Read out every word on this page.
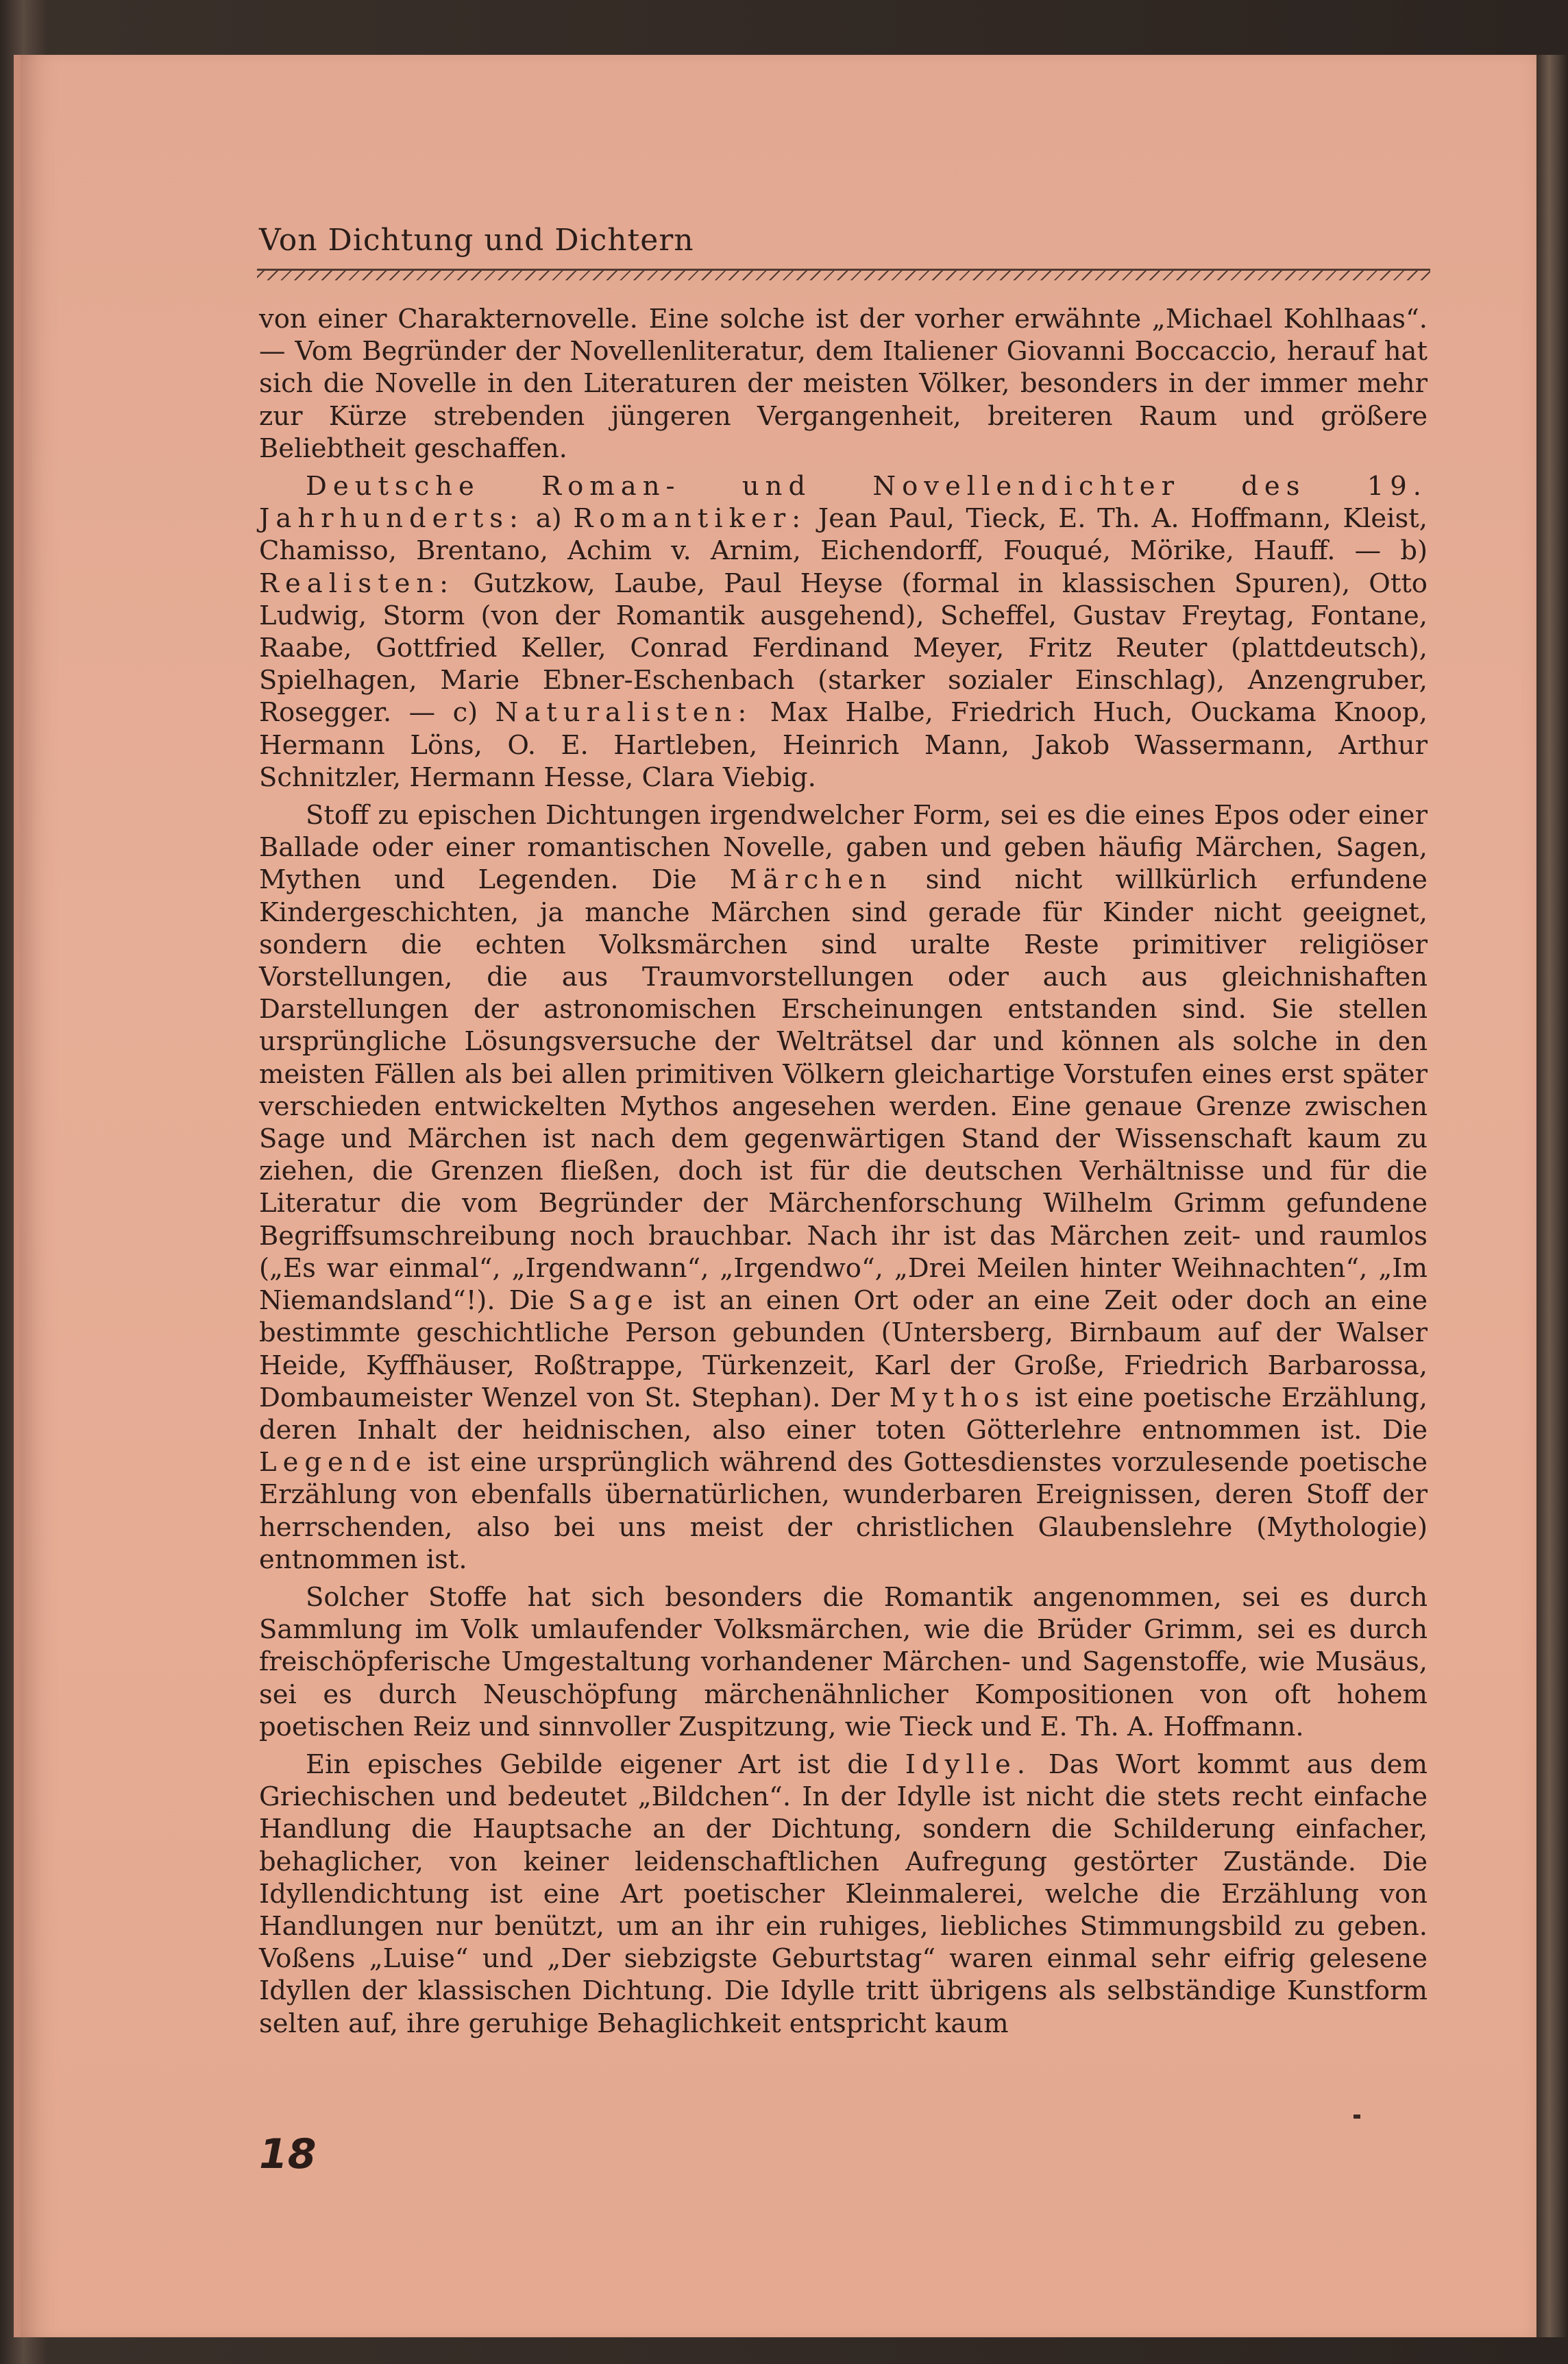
Von Dichtung und Dichtern

von einer Charakternovelle. Eine solche ist der vorher erwähnte „Michael Kohlhaas“. — Vom Begründer der Novellenliteratur, dem Italiener Giovanni Boccaccio, herauf hat sich die Novelle in den Literaturen der meisten Völker, besonders in der immer mehr zur Kürze strebenden jüngeren Vergangenheit, breiteren Raum und größere Beliebtheit geschaffen.

Deutsche Roman- und Novellendichter des 19. Jahrhunderts: a) Romantiker: Jean Paul, Tieck, E. Th. A. Hoffmann, Kleist, Chamisso, Brentano, Achim v. Arnim, Eichendorff, Fouqué, Mörike, Hauff. — b) Realisten: Gutzkow, Laube, Paul Heyse (formal in klassischen Spuren), Otto Ludwig, Storm (von der Romantik ausgehend), Scheffel, Gustav Freytag, Fontane, Raabe, Gottfried Keller, Conrad Ferdinand Meyer, Fritz Reuter (plattdeutsch), Spielhagen, Marie Ebner-Eschenbach (starker sozialer Einschlag), Anzengruber, Rosegger. — c) Naturalisten: Max Halbe, Friedrich Huch, Ouckama Knoop, Hermann Löns, O. E. Hartleben, Heinrich Mann, Jakob Wassermann, Arthur Schnitzler, Hermann Hesse, Clara Viebig.

Stoff zu epischen Dichtungen irgendwelcher Form, sei es die eines Epos oder einer Ballade oder einer romantischen Novelle, gaben und geben häufig Märchen, Sagen, Mythen und Legenden. Die Märchen sind nicht willkürlich erfundene Kindergeschichten, ja manche Märchen sind gerade für Kinder nicht geeignet, sondern die echten Volksmärchen sind uralte Reste primitiver religiöser Vorstellungen, die aus Traumvorstellungen oder auch aus gleichnishaften Darstellungen der astronomischen Erscheinungen entstanden sind. Sie stellen ursprüngliche Lösungsversuche der Welträtsel dar und können als solche in den meisten Fällen als bei allen primitiven Völkern gleichartige Vorstufen eines erst später verschieden entwickelten Mythos angesehen werden. Eine genaue Grenze zwischen Sage und Märchen ist nach dem gegenwärtigen Stand der Wissenschaft kaum zu ziehen, die Grenzen fließen, doch ist für die deutschen Verhältnisse und für die Literatur die vom Begründer der Märchenforschung Wilhelm Grimm gefundene Begriffsumschreibung noch brauchbar. Nach ihr ist das Märchen zeit- und raumlos („Es war einmal“, „Irgendwann“, „Irgendwo“, „Drei Meilen hinter Weihnachten“, „Im Niemandsland“!). Die Sage ist an einen Ort oder an eine Zeit oder doch an eine bestimmte geschichtliche Person gebunden (Untersberg, Birnbaum auf der Walser Heide, Kyffhäuser, Roßtrappe, Türkenzeit, Karl der Große, Friedrich Barbarossa, Dombaumeister Wenzel von St. Stephan). Der Mythos ist eine poetische Erzählung, deren Inhalt der heidnischen, also einer toten Götterlehre entnommen ist. Die Legende ist eine ursprünglich während des Gottesdienstes vorzulesende poetische Erzählung von ebenfalls übernatürlichen, wunderbaren Ereignissen, deren Stoff der herrschenden, also bei uns meist der christlichen Glaubenslehre (Mythologie) entnommen ist.

Solcher Stoffe hat sich besonders die Romantik angenommen, sei es durch Sammlung im Volk umlaufender Volksmärchen, wie die Brüder Grimm, sei es durch freischöpferische Umgestaltung vorhandener Märchen- und Sagenstoffe, wie Musäus, sei es durch Neuschöpfung märchenähnlicher Kompositionen von oft hohem poetischen Reiz und sinnvoller Zuspitzung, wie Tieck und E. Th. A. Hoffmann.

Ein episches Gebilde eigener Art ist die Idylle. Das Wort kommt aus dem Griechischen und bedeutet „Bildchen“. In der Idylle ist nicht die stets recht einfache Handlung die Hauptsache an der Dichtung, sondern die Schilderung einfacher, behaglicher, von keiner leidenschaftlichen Aufregung gestörter Zustände. Die Idyllendichtung ist eine Art poetischer Kleinmalerei, welche die Erzählung von Handlungen nur benützt, um an ihr ein ruhiges, liebliches Stimmungsbild zu geben. Voßens „Luise“ und „Der siebzigste Geburtstag“ waren einmal sehr eifrig gelesene Idyllen der klassischen Dichtung. Die Idylle tritt übrigens als selbständige Kunstform selten auf, ihre geruhige Behaglichkeit entspricht kaum

18
